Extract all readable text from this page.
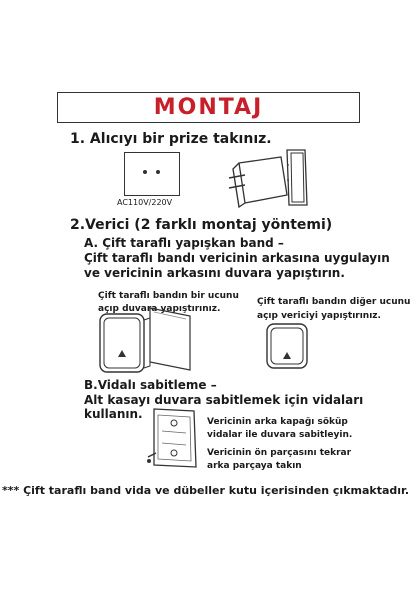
MONTAJ
1. Alıcıyı bir prize takınız.
AC110V/220V
2.Verici (2 farklı montaj yöntemi)
A. Çift taraflı yapışkan band –
Çift taraflı bandı vericinin arkasına uygulayın
ve vericinin arkasını duvara yapıştırın.
Çift taraflı bandın bir ucunu
açıp duvara yapıştırınız.
Çift taraflı bandın diğer ucunu
açıp vericiyi yapıştırınız.
B.Vidalı sabitleme –
Alt kasayı duvara sabitlemek için vidaları kullanın.
Vericinin arka kapağı söküp
vidalar ile duvara sabitleyin.
Vericinin ön parçasını tekrar
arka parçaya takın
*** Çift taraflı band vida ve dübeller kutu içerisinden çıkmaktadır.
